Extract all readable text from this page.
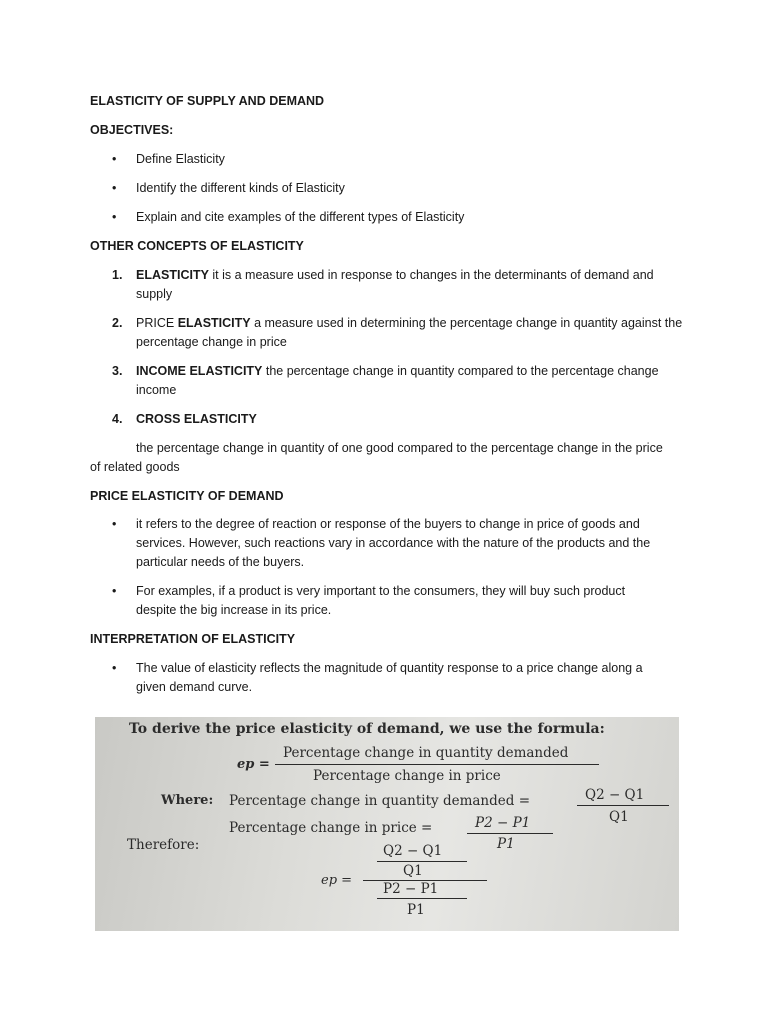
ELASTICITY OF SUPPLY AND DEMAND
OBJECTIVES:
• Define Elasticity
• Identify the different kinds of Elasticity
• Explain and cite examples of the different types of Elasticity
OTHER CONCEPTS OF ELASTICITY
1. ELASTICITY it is a measure used in response to changes in the determinants of demand and
supply
2. PRICE ELASTICITY a measure used in determining the percentage change in quantity against the
percentage change in price
3. INCOME ELASTICITY the percentage change in quantity compared to the percentage change
income
4. CROSS ELASTICITY
the percentage change in quantity of one good compared to the percentage change in the price
of related goods
PRICE ELASTICITY OF DEMAND
• it refers to the degree of reaction or response of the buyers to change in price of goods and
services. However, such reactions vary in accordance with the nature of the products and the
particular needs of the buyers.
• For examples, if a product is very important to the consumers, they will buy such product
despite the big increase in its price.
INTERPRETATION OF ELASTICITY
• The value of elasticity reflects the magnitude of quantity response to a price change along a
given demand curve.
To derive the price elasticity of demand, we use the formula:
ep =
Percentage change in quantity demanded
Percentage change in price
Where: Percentage change in quantity demanded =	Q2 − Q1
Q1
Percentage change in price =	P2 − P1
P1
Therefore:
ep =
Q2 − Q1
Q1
P2 − P1
P1
